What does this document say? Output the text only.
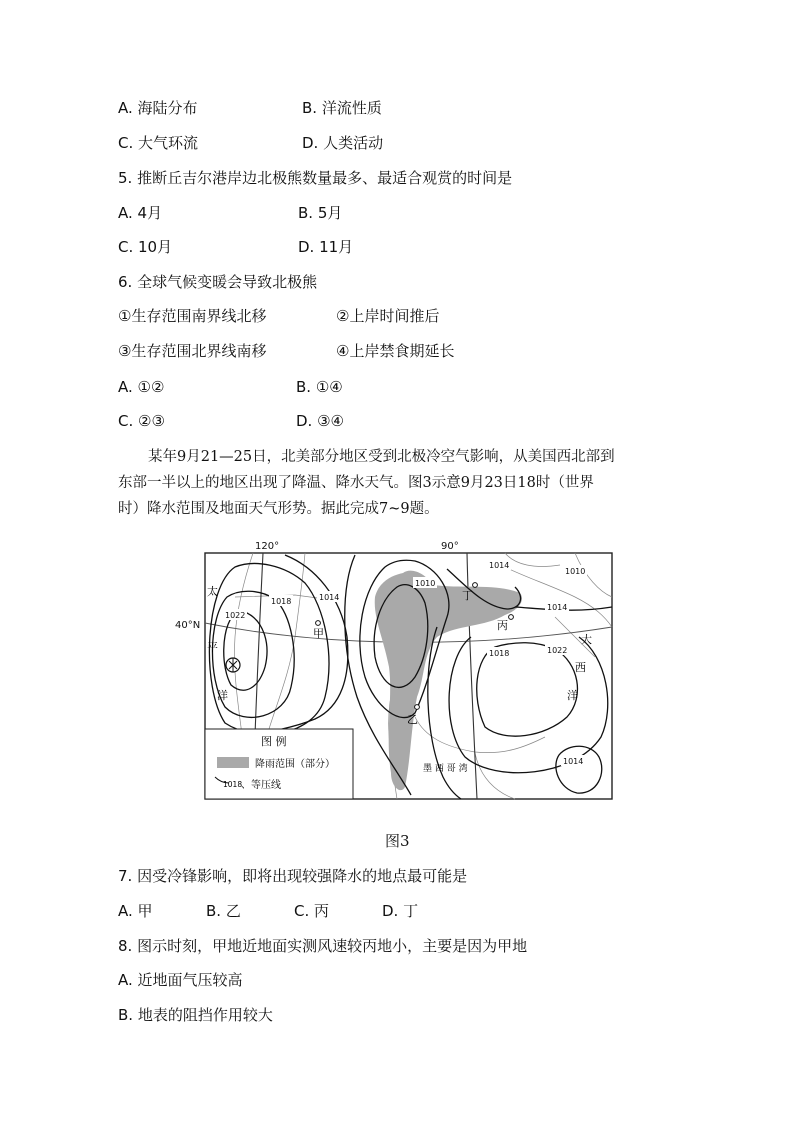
A. 海陆分布	B. 洋流性质
C. 大气环流	D. 人类活动
5. 推断丘吉尔港岸边北极熊数量最多、最适合观赏的时间是
A. 4月	B. 5月
C. 10月	D. 11月
6. 全球气候变暖会导致北极熊
①生存范围南界线北移	②上岸时间推后
③生存范围北界线南移	④上岸禁食期延长
A. ①②	B. ①④
C. ②③	D. ③④
某年9月21—25日，北美部分地区受到北极冷空气影响，从美国西北部到
东部一半以上的地区出现了降温、降水天气。图3示意9月23日18时（世界
时）降水范围及地面天气形势。据此完成7~9题。
1022
1018	1014
1010
1014
1010
1014
1018	1022
1014
120°	90°
40°N
太
平
洋
大
西
洋
墨 西 哥 湾
甲
乙
丙
丁
图 例
降雨范围（部分）
1018
、等压线
图3
7. 因受冷锋影响，即将出现较强降水的地点最可能是
A. 甲	B. 乙	C. 丙	D. 丁
8. 图示时刻，甲地近地面实测风速较丙地小，主要是因为甲地
A. 近地面气压较高
B. 地表的阻挡作用较大
